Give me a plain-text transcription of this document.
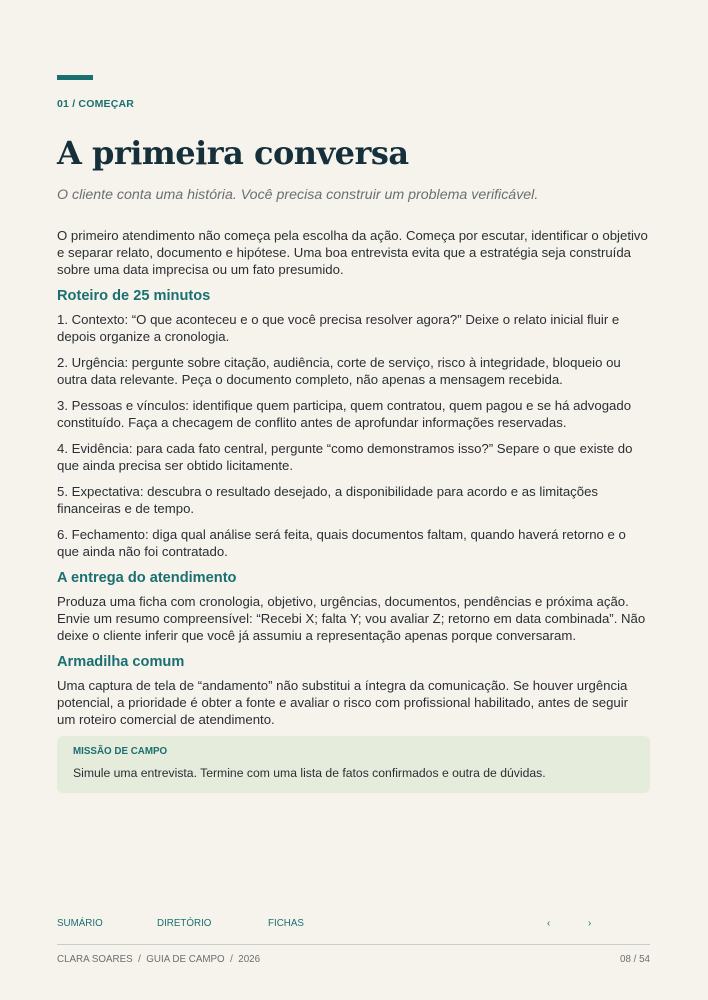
01 / COMEÇAR
A primeira conversa
O cliente conta uma história. Você precisa construir um problema verificável.

O primeiro atendimento não começa pela escolha da ação. Começa por escutar, identificar o objetivo e separar relato, documento e hipótese. Uma boa entrevista evita que a estratégia seja construída sobre uma data imprecisa ou um fato presumido.

Roteiro de 25 minutos

1. Contexto: “O que aconteceu e o que você precisa resolver agora?” Deixe o relato inicial fluir e depois organize a cronologia.

2. Urgência: pergunte sobre citação, audiência, corte de serviço, risco à integridade, bloqueio ou outra data relevante. Peça o documento completo, não apenas a mensagem recebida.

3. Pessoas e vínculos: identifique quem participa, quem contratou, quem pagou e se há advogado constituído. Faça a checagem de conflito antes de aprofundar informações reservadas.

4. Evidência: para cada fato central, pergunte “como demonstramos isso?” Separe o que existe do que ainda precisa ser obtido licitamente.

5. Expectativa: descubra o resultado desejado, a disponibilidade para acordo e as limitações financeiras e de tempo.

6. Fechamento: diga qual análise será feita, quais documentos faltam, quando haverá retorno e o que ainda não foi contratado.

A entrega do atendimento

Produza uma ficha com cronologia, objetivo, urgências, documentos, pendências e próxima ação. Envie um resumo compreensível: “Recebi X; falta Y; vou avaliar Z; retorno em data combinada”. Não deixe o cliente inferir que você já assumiu a representação apenas porque conversaram.

Armadilha comum

Uma captura de tela de “andamento” não substitui a íntegra da comunicação. Se houver urgência potencial, a prioridade é obter a fonte e avaliar o risco com profissional habilitado, antes de seguir um roteiro comercial de atendimento.

MISSÃO DE CAMPO
Simule uma entrevista. Termine com uma lista de fatos confirmados e outra de dúvidas.
SUMÁRIO	DIRETÓRIO	FICHAS	‹	›
CLARA SOARES  /  GUIA DE CAMPO  /  2026	08 / 54
